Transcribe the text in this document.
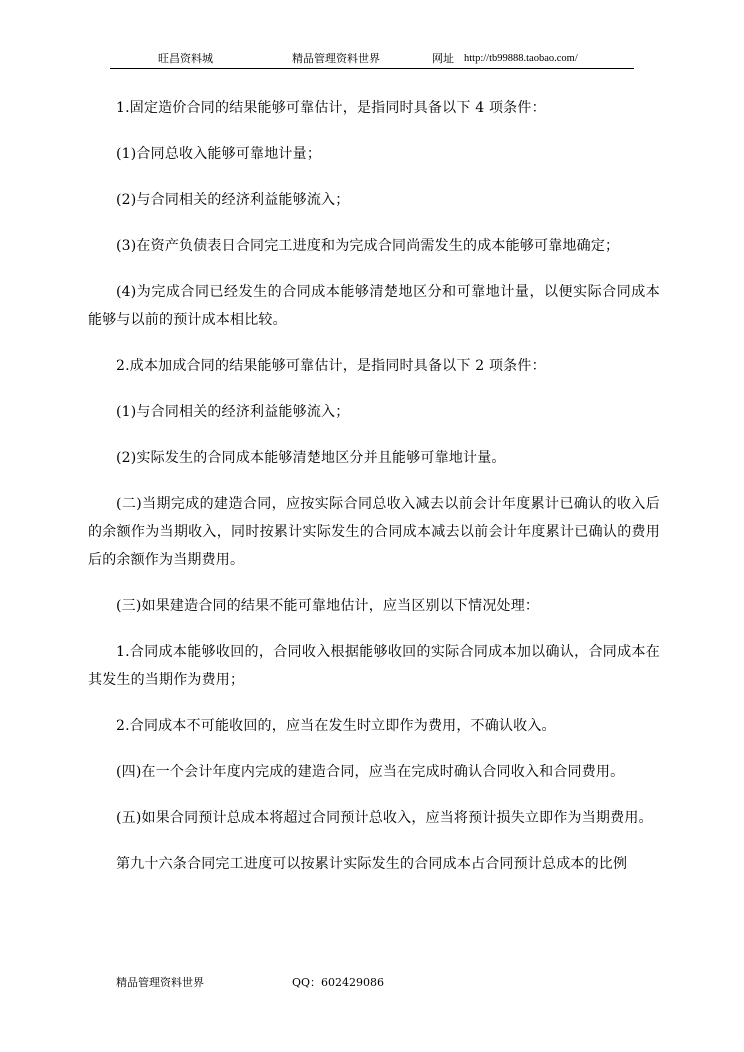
旺昌资料城	精品管理资料世界	网址 http://tb99888.taobao.com/

1.固定造价合同的结果能够可靠估计，是指同时具备以下 4 项条件：

(1)合同总收入能够可靠地计量；

(2)与合同相关的经济利益能够流入；

(3)在资产负债表日合同完工进度和为完成合同尚需发生的成本能够可靠地确定；

(4)为完成合同已经发生的合同成本能够清楚地区分和可靠地计量，以便实际合同成本能够与以前的预计成本相比较。

2.成本加成合同的结果能够可靠估计，是指同时具备以下 2 项条件：

(1)与合同相关的经济利益能够流入；

(2)实际发生的合同成本能够清楚地区分并且能够可靠地计量。

(二)当期完成的建造合同，应按实际合同总收入减去以前会计年度累计已确认的收入后的余额作为当期收入，同时按累计实际发生的合同成本减去以前会计年度累计已确认的费用后的余额作为当期费用。

(三)如果建造合同的结果不能可靠地估计，应当区别以下情况处理：

1.合同成本能够收回的，合同收入根据能够收回的实际合同成本加以确认，合同成本在其发生的当期作为费用；

2.合同成本不可能收回的，应当在发生时立即作为费用，不确认收入。

(四)在一个会计年度内完成的建造合同，应当在完成时确认合同收入和合同费用。

(五)如果合同预计总成本将超过合同预计总收入，应当将预计损失立即作为当期费用。

第九十六条合同完工进度可以按累计实际发生的合同成本占合同预计总成本的比例

精品管理资料世界	QQ：602429086
